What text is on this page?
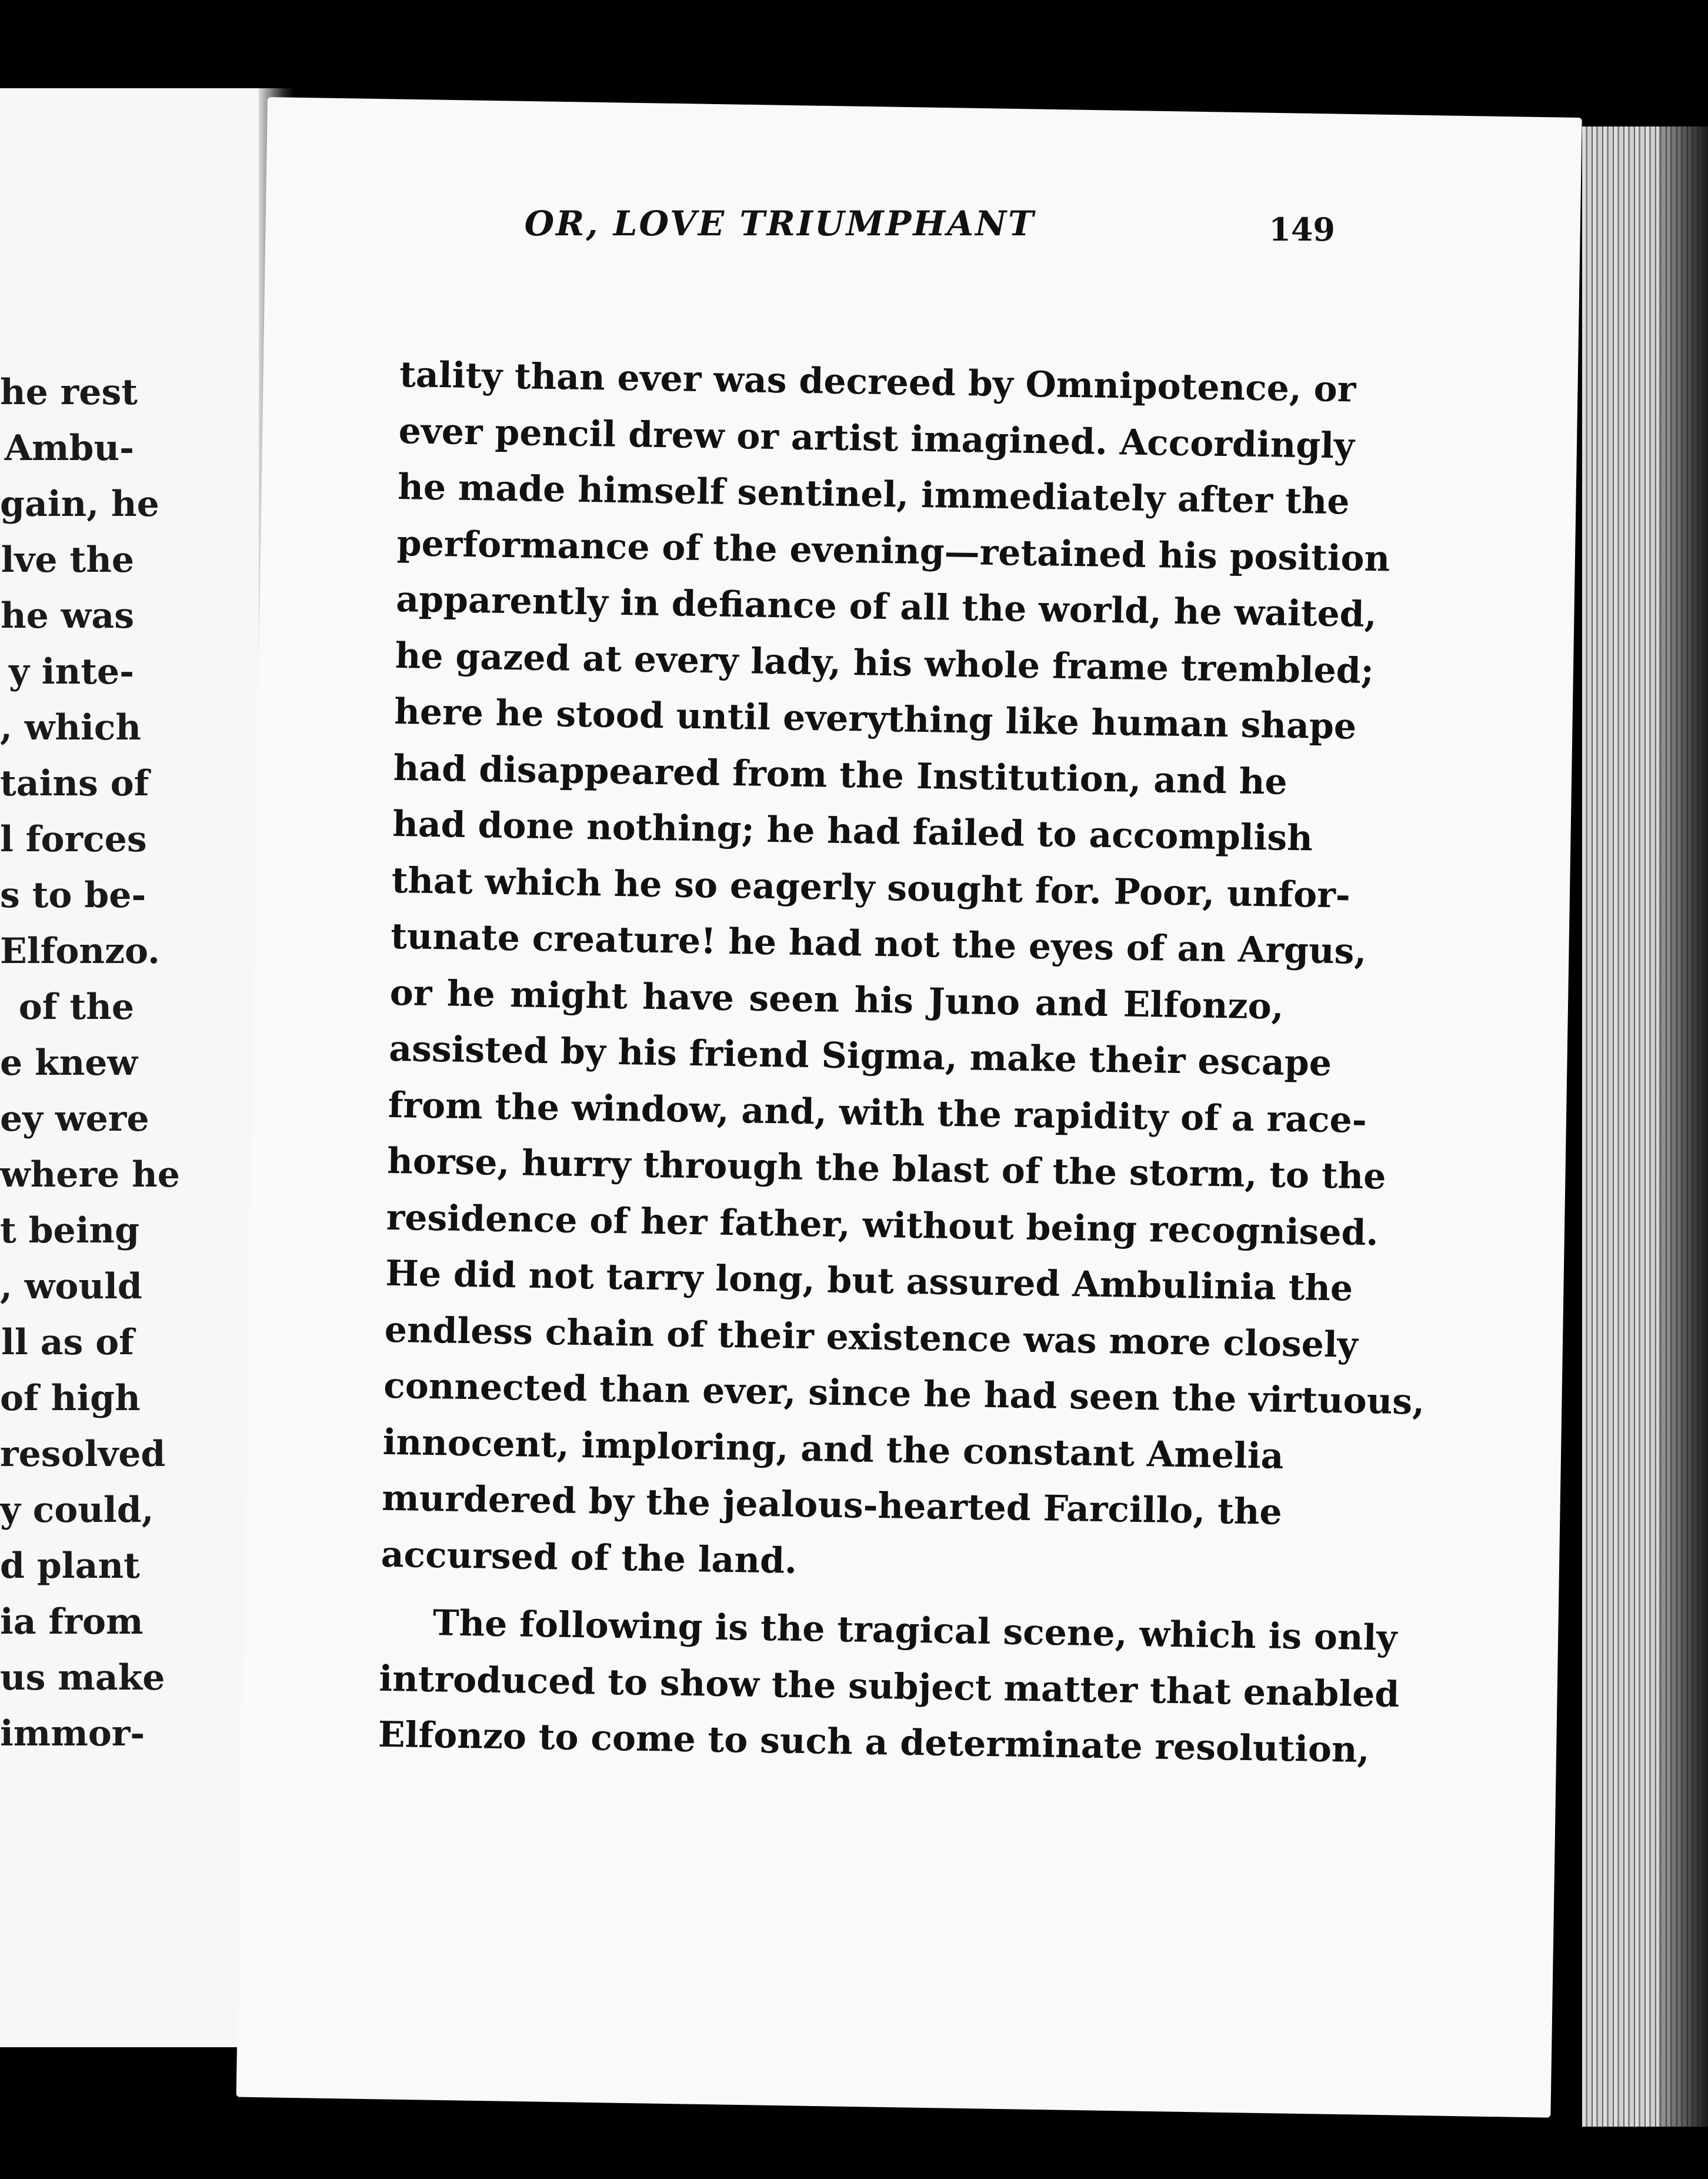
he rest
Ambu-
gain, he
lve the
he was
y inte-
, which
tains of
l forces
s to be-
Elfonzo.
of the
e knew
ey were
where he
t being
, would
ll as of
of high
resolved
y could,
d plant
ia from
us make
immor-
OR, LOVE TRIUMPHANT	149
tality than ever was decreed by Omnipotence, or
ever pencil drew or artist imagined. Accordingly
he made himself sentinel, immediately after the
performance of the evening—retained his position
apparently in defiance of all the world, he waited,
he gazed at every lady, his whole frame trembled;
here he stood until everything like human shape
had disappeared from the Institution, and he
had done nothing; he had failed to accomplish
that which he so eagerly sought for. Poor, unfor-
tunate creature! he had not the eyes of an Argus,
or he might have seen his Juno and Elfonzo,
assisted by his friend Sigma, make their escape
from the window, and, with the rapidity of a race-
horse, hurry through the blast of the storm, to the
residence of her father, without being recognised.
He did not tarry long, but assured Ambulinia the
endless chain of their existence was more closely
connected than ever, since he had seen the virtuous,
innocent, imploring, and the constant Amelia
murdered by the jealous-hearted Farcillo, the
accursed of the land.
The following is the tragical scene, which is only
introduced to show the subject matter that enabled
Elfonzo to come to such a determinate resolution,
